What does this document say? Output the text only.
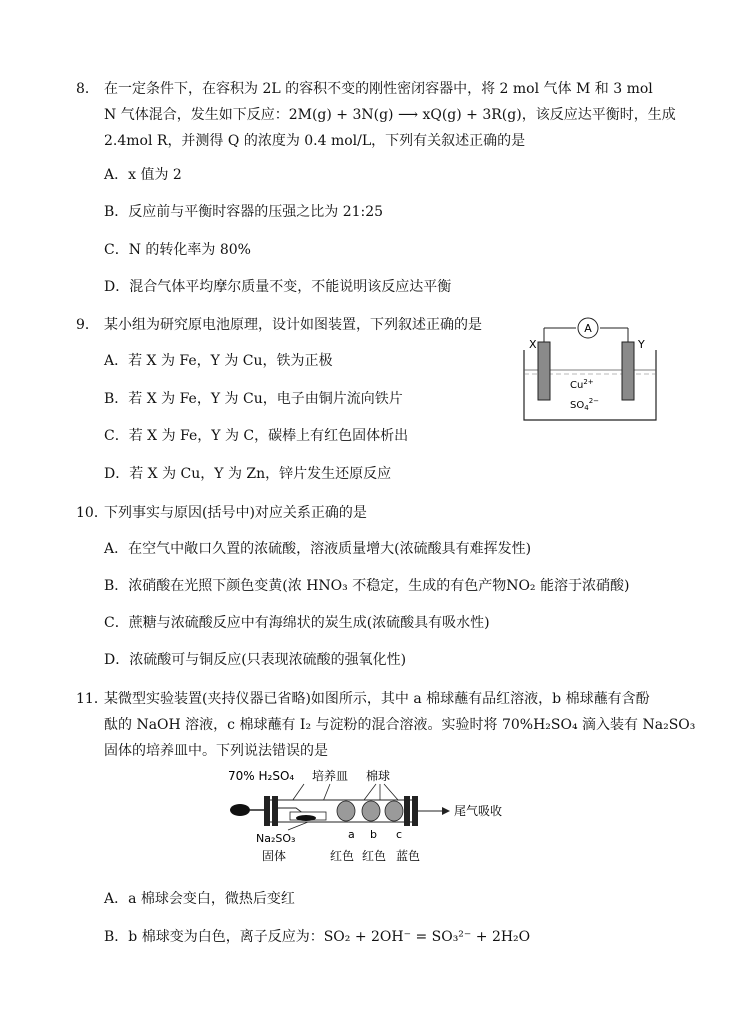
8． 在一定条件下，在容积为 2L 的容积不变的刚性密闭容器中，将 2 mol 气体 M 和 3 mol
N 气体混合，发生如下反应：2M(g) + 3N(g) ⟶ xQ(g) + 3R(g)，该反应达平衡时，生成
2.4mol R，并测得 Q 的浓度为 0.4 mol/L，下列有关叙述正确的是
A．x 值为 2
B．反应前与平衡时容器的压强之比为 21:25
C．N 的转化率为 80%
D．混合气体平均摩尔质量不变，不能说明该反应达平衡
9． 某小组为研究原电池原理，设计如图装置，下列叙述正确的是
A．若 X 为 Fe，Y 为 Cu，铁为正极
B．若 X 为 Fe，Y 为 Cu，电子由铜片流向铁片
C．若 X 为 Fe，Y 为 C，碳棒上有红色固体析出
D．若 X 为 Cu，Y 为 Zn，锌片发生还原反应
A
X	Y
$Cu^{2+}$
$SO_4^{2-}$
10．
下列事实与原因(括号中)对应关系正确的是
A．在空气中敞口久置的浓硫酸，溶液质量增大(浓硫酸具有难挥发性)
B．浓硝酸在光照下颜色变黄(浓 HNO₃ 不稳定，生成的有色产物NO₂ 能溶于浓硝酸)
C．蔗糖与浓硫酸反应中有海绵状的炭生成(浓硫酸具有吸水性)
D．浓硫酸可与铜反应(只表现浓硫酸的强氧化性)
11．
某微型实验装置(夹持仪器已省略)如图所示，其中 a 棉球蘸有品红溶液，b 棉球蘸有含酚
酞的 NaOH 溶液，c 棉球蘸有 I₂ 与淀粉的混合溶液。实验时将 70%H₂SO₄ 滴入装有 Na₂SO₃
固体的培养皿中。下列说法错误的是
70% H₂SO₄ 培养皿 棉球
尾气吸收
Na₂SO₃
固体
a b c
红色 红色 蓝色
A．a 棉球会变白，微热后变红
B．b 棉球变为白色，离子反应为：SO₂ + 2OH⁻ = SO₃²⁻ + 2H₂O
